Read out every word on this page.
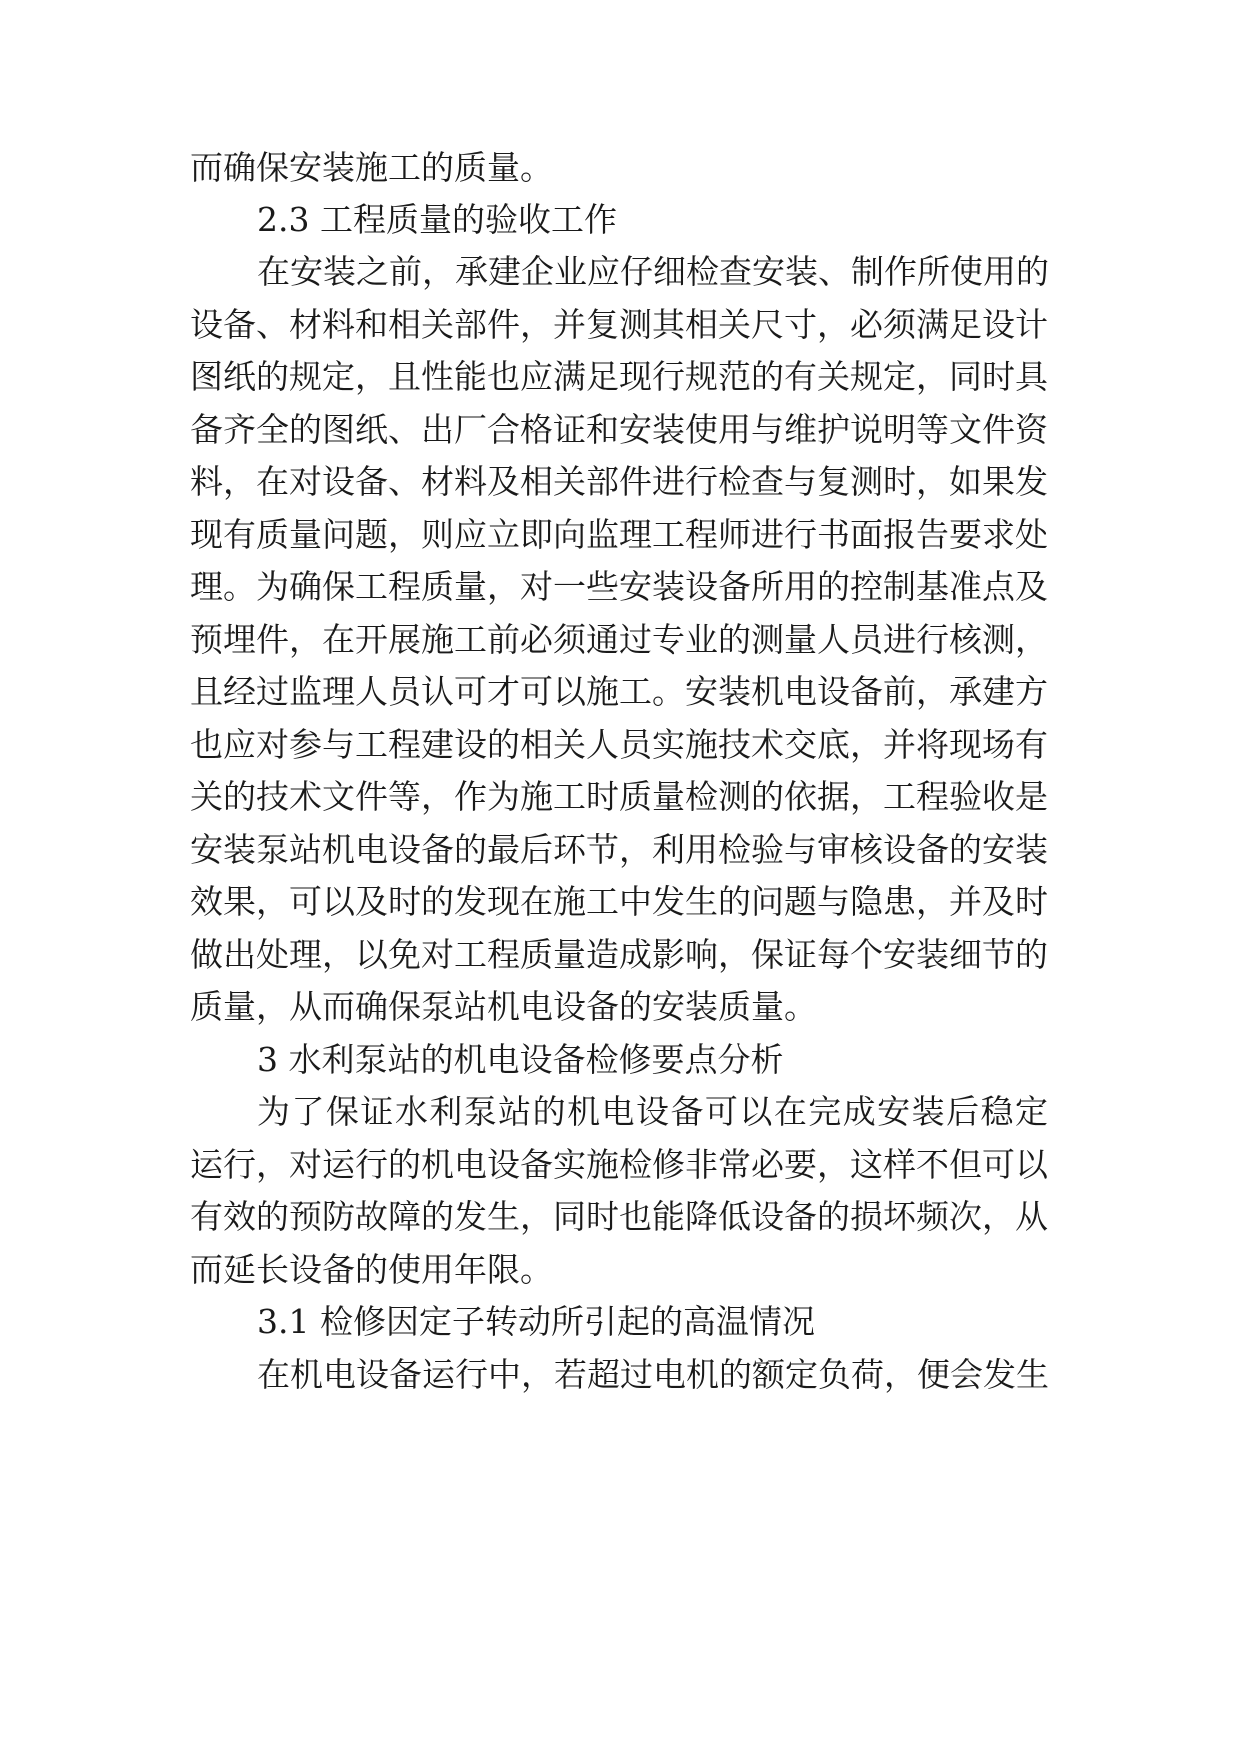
而确保安装施工的质量。

2.3 工程质量的验收工作

在安装之前，承建企业应仔细检查安装、制作所使用的

设备、材料和相关部件，并复测其相关尺寸，必须满足设计

图纸的规定，且性能也应满足现行规范的有关规定，同时具

备齐全的图纸、出厂合格证和安装使用与维护说明等文件资

料，在对设备、材料及相关部件进行检查与复测时，如果发

现有质量问题，则应立即向监理工程师进行书面报告要求处

理。为确保工程质量，对一些安装设备所用的控制基准点及

预埋件，在开展施工前必须通过专业的测量人员进行核测，

且经过监理人员认可才可以施工。安装机电设备前，承建方

也应对参与工程建设的相关人员实施技术交底，并将现场有

关的技术文件等，作为施工时质量检测的依据，工程验收是

安装泵站机电设备的最后环节，利用检验与审核设备的安装

效果，可以及时的发现在施工中发生的问题与隐患，并及时

做出处理，以免对工程质量造成影响，保证每个安装细节的

质量，从而确保泵站机电设备的安装质量。

3 水利泵站的机电设备检修要点分析

为了保证水利泵站的机电设备可以在完成安装后稳定

运行，对运行的机电设备实施检修非常必要，这样不但可以

有效的预防故障的发生，同时也能降低设备的损坏频次，从

而延长设备的使用年限。

3.1 检修因定子转动所引起的高温情况

在机电设备运行中，若超过电机的额定负荷，便会发生
